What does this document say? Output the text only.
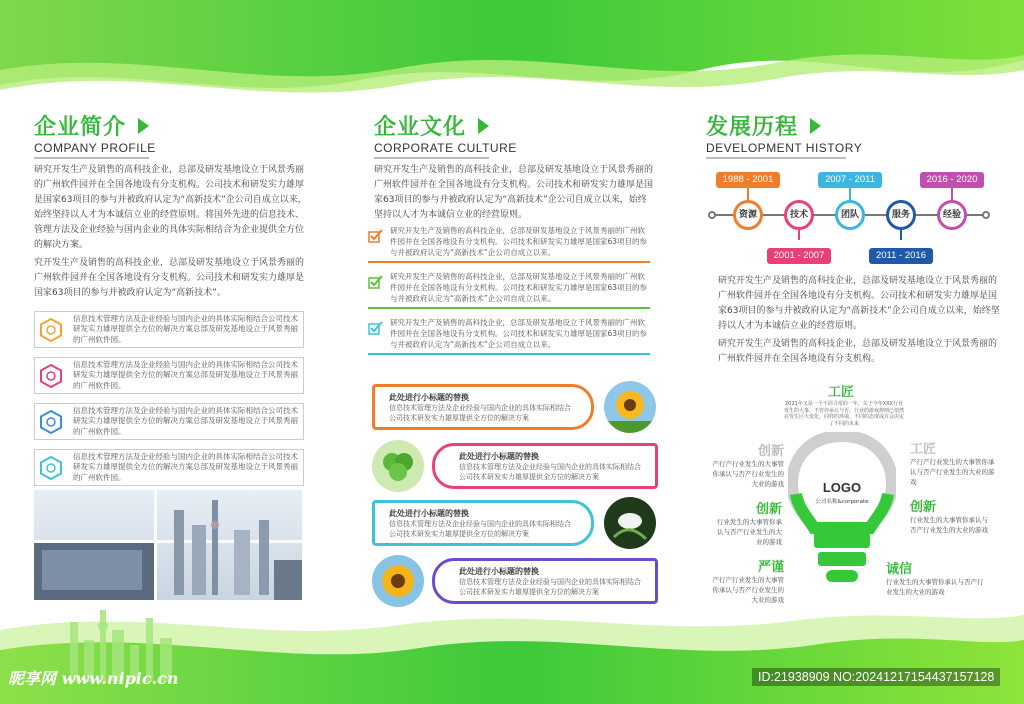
企业简介
COMPANY PROFILE
研究开发生产及销售的高科技企业，总部及研发基地设立于风景秀丽的广州软件园并在全国各地设有分支机构。公司技术和研发实力雄厚是国家63项目的参与并被政府认定为“高新技术”企公司自成立以来，始终坚持以人才为本诚信立业的经营原则。将国外先进的信息技术、管理方法及企业经验与国内企业的具体实际相结合为企业提供全方位的解决方案。
究开发生产及销售的高科技企业，总部及研发基地设立于风景秀丽的广州软件园并在全国各地设有分支机构。公司技术和研发实力雄厚是国家63项目的参与并被政府认定为“高新技术”。
信息技术管理方法及企业经验与国内企业的具体实际相结合公司技术研发实力雄厚提供全方位的解决方案总部及研发基地设立于风景秀丽的广州软件园。
信息技术管理方法及企业经验与国内企业的具体实际相结合公司技术研发实力雄厚提供全方位的解决方案总部及研发基地设立于风景秀丽的广州软件园。
信息技术管理方法及企业经验与国内企业的具体实际相结合公司技术研发实力雄厚提供全方位的解决方案总部及研发基地设立于风景秀丽的广州软件园。
信息技术管理方法及企业经验与国内企业的具体实际相结合公司技术研发实力雄厚提供全方位的解决方案总部及研发基地设立于风景秀丽的广州软件园。
企业文化
CORPORATE CULTURE
研究开发生产及销售的高科技企业，总部及研发基地设立于风景秀丽的广州软件园并在全国各地设有分支机构。公司技术和研发实力雄厚是国家63项目的参与并被政府认定为“高新技术”企公司自成立以来，始终坚持以人才为本诚信立业的经营原则。
研究开发生产及销售的高科技企业，总部及研发基地设立于风景秀丽的广州软件园并在全国各地设有分支机构。公司技术和研发实力雄厚是国家63项目的参与并被政府认定为“高新技术”企公司自成立以来。
研究开发生产及销售的高科技企业，总部及研发基地设立于风景秀丽的广州软件园并在全国各地设有分支机构。公司技术和研发实力雄厚是国家63项目的参与并被政府认定为“高新技术”企公司自成立以来。
研究开发生产及销售的高科技企业，总部及研发基地设立于风景秀丽的广州软件园并在全国各地设有分支机构。公司技术和研发实力雄厚是国家63项目的参与并被政府认定为“高新技术”企公司自成立以来。
此处进行小标题的替换
信息技术管理方法及企业经验与国内企业的具体实际相结合公司技术研发实力雄厚提供全方位的解决方案
此处进行小标题的替换
信息技术管理方法及企业经验与国内企业的具体实际相结合公司技术研发实力雄厚提供全方位的解决方案
此处进行小标题的替换
信息技术管理方法及企业经验与国内企业的具体实际相结合公司技术研发实力雄厚提供全方位的解决方案
此处进行小标题的替换
信息技术管理方法及企业经验与国内企业的具体实际相结合公司技术研发实力雄厚提供全方位的解决方案
发展历程
DEVELOPMENT HISTORY
1988 - 2001
资源	技术
2001 - 2007
2007 - 2011
团队	服务
2011 - 2016
2016 - 2020
经验
研究开发生产及销售的高科技企业，总部及研发基地设立于风景秀丽的广州软件园并在全国各地设有分支机构。公司技术和研发实力雄厚是国家63项目的参与并被政府认定为“高新技术”企公司自成立以来，始终坚持以人才为本诚信立业的经营原则。
研究开发生产及销售的高科技企业，总部及研发基地设立于风景秀丽的广州软件园并在全国各地设有分支机构。
工匠
2021年又是一个不同寻常的一年，关于今年XXX行业发生的大事。不管你承认与否，行业的游戏规则已悄然在发生巨大变化，同样的环境，不同的态度或许会决定了不同的未来
LOGO
公司名称&corporate
创新
产行产行业发生的大事管你承认与否产行业发生的大业的游戏
创新
行业发生的大事管你承认与否产行业发生的大业的游戏
严谨
产行产行业发生的大事管你承认与否产行业发生的大业的游戏
工匠
产行产行业发生的大事管你承认与否产行业发生的大业的游戏
创新
行业发生的大事管你承认与否产行业发生的大业的游戏
诚信
行业发生的大事管你承认与否产行业发生的大业的游戏
昵享网 www.nipic.cn	ID:21938909 NO:20241217154437157128
